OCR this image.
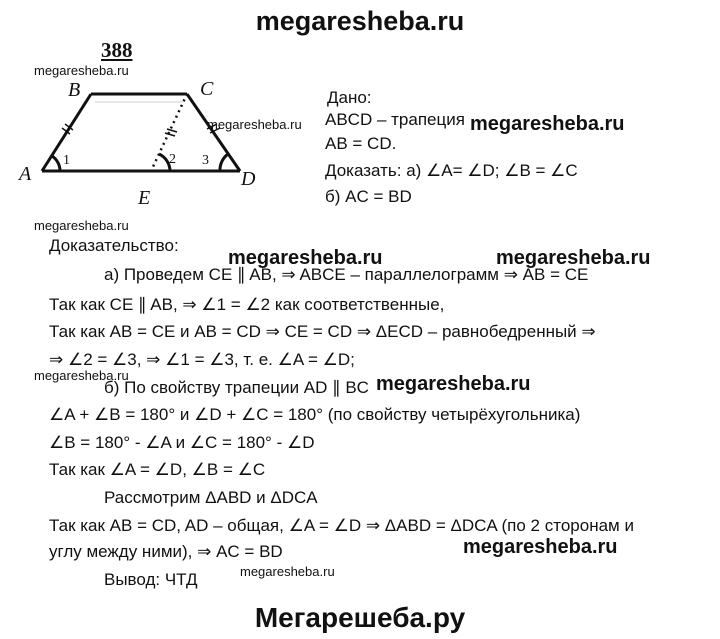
megaresheba.ru
Мегарешеба.ру
megaresheba.ru
megaresheba.ru
megaresheba.ru
megaresheba.ru
megaresheba.ru
megaresheba.ru
megaresheba.ru	megaresheba.ru
megaresheba.ru
megaresheba.ru
388
A
B	C
D
E
1	2 3
Дано:
ABCD – трапеция
AB = CD.
Доказать: а) ∠A= ∠D; ∠B = ∠C
б) AC = BD
Доказательство:
а) Проведем CE ∥ AB, ⇒ ABCE – параллелограмм ⇒ AB = CE
Так как CE ∥ AB, ⇒ ∠1 = ∠2 как соответственные,
Так как AB = CE и AB = CD ⇒ CE = CD ⇒ ΔECD – равнобедренный ⇒
⇒ ∠2 = ∠3, ⇒ ∠1 = ∠3, т. е. ∠A = ∠D;
б) По свойству трапеции AD ∥ BC
∠A + ∠B = 180° и ∠D + ∠C = 180° (по свойству четырёхугольника)
∠B = 180° - ∠A и ∠C = 180° - ∠D
Так как ∠A = ∠D, ∠B = ∠C
Рассмотрим ΔABD и ΔDCA
Так как AB = CD, AD – общая, ∠A = ∠D ⇒ ΔABD = ΔDCA (по 2 сторонам и
углу между ними), ⇒ AC = BD
Вывод: ЧТД
